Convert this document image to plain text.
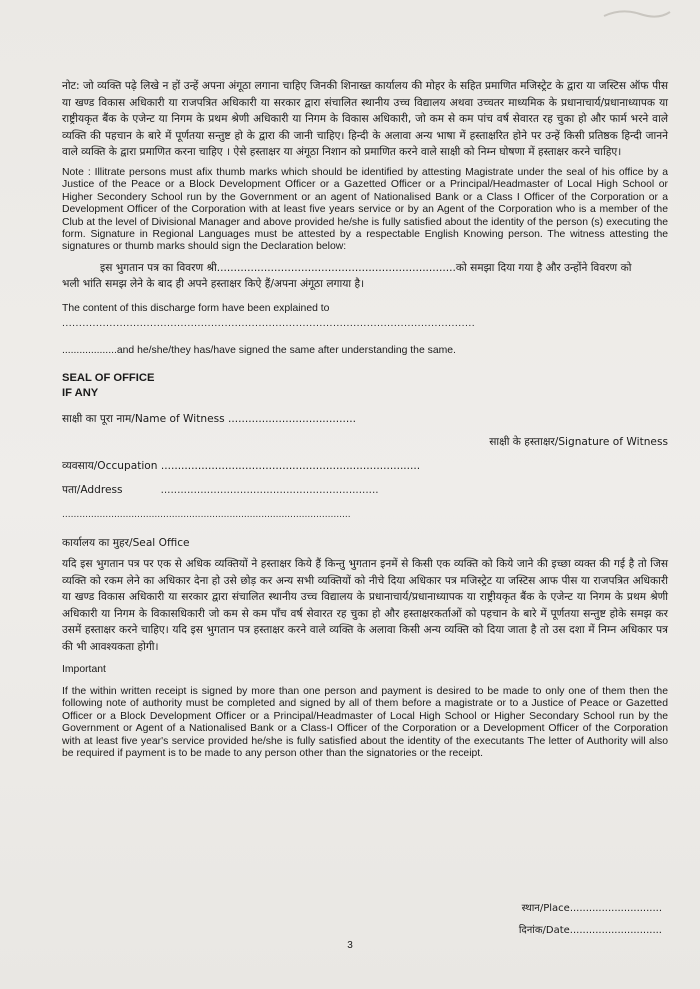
नोट: जो व्यक्ति पढ़े लिखे न हों उन्हें अपना अंगूठा लगाना चाहिए जिनकी शिनाख्त कार्यालय की मोहर के सहित प्रमाणित मजिस्ट्रेट के द्वारा या जस्टिस ऑफ पीस या खण्ड विकास अधिकारी या राजपत्रित अधिकारी या सरकार द्वारा संचालित स्थानीय उच्च विद्यालय अथवा उच्चतर माध्यमिक के प्रधानाचार्य/प्रधानाध्यापक या राष्ट्रीयकृत बैंक के एजेन्ट या निगम के प्रथम श्रेणी अधिकारी या निगम के विकास अधिकारी, जो कम से कम पांच वर्ष सेवारत रह चुका हो और फार्म भरने वाले व्यक्ति की पहचान के बारे में पूर्णतया सन्तुष्ट हो के द्वारा की जानी चाहिए। हिन्दी के अलावा अन्य भाषा में हस्ताक्षरित होने पर उन्हें किसी प्रतिष्ठक हिन्दी जानने वाले व्यक्ति के द्वारा प्रमाणित करना चाहिए । ऐसे हस्ताक्षर या अंगूठा निशान को प्रमाणित करने वाले साक्षी को निम्न घोषणा में हस्ताक्षर करने चाहिए।

Note : Illitrate persons must afix thumb marks which should be identified by attesting Magistrate under the seal of his office by a Justice of the Peace or a Block Development Officer or a Gazetted Officer or a Principal/Headmaster of Local High School or Higher Secondery School run by the Government or an agent of Nationalised Bank or a Class I Officer of the Corporation or a Development Officer of the Corporation with at least five years service or by an Agent of the Corporation who is a member of the Club at the level of Divisional Manager and above provided he/she is fully satisfied about the identity of the person (s) executing the form. Signature in Regional Languages must be attested by a respectable English Knowing person. The witness attesting the signatures or thumb marks should sign the Declaration below:

इस भुगतान पत्र का विवरण श्री.......................................................................को समझा दिया गया है और उन्होंने विवरण को

भली भांति समझ लेने के बाद ही अपने हस्ताक्षर किऐ हैं/अपना अंगूठा लगाया है।

The content of this discharge form have been explained to

..........................................................................................................................

...................and he/she/they has/have signed the same after understanding the same.

SEAL OF OFFICE

IF ANY

साक्षी का पूरा नाम/Name of Witness ......................................

साक्षी के हस्ताक्षर/Signature of Witness

व्यवसाय/Occupation .............................................................................

पता/Address	..................................................................

....................................................................................................

कार्यालय का मुहर/Seal Office

यदि इस भुगतान पत्र पर एक से अधिक व्यक्तियों ने हस्ताक्षर किये हैं किन्तु भुगतान इनमें से किसी एक व्यक्ति को किये जाने की इच्छा व्यक्त की गई है तो जिस व्यक्ति को रकम लेने का अधिकार देना हो उसे छोड़ कर अन्य सभी व्यक्तियों को नीचे दिया अधिकार पत्र मजिस्ट्रेट या जस्टिस आफ पीस या राजपत्रित अधिकारी या खण्ड विकास अधिकारी या सरकार द्वारा संचालित स्थानीय उच्च विद्यालय के प्रधानाचार्य/प्रधानाध्यापक या राष्ट्रीयकृत बैंक के एजेन्ट या निगम के प्रथम श्रेणी अधिकारी या निगम के विकासधिकारी जो कम से कम पाँच वर्ष सेवारत रह चुका हो और हस्ताक्षरकर्ताओं को पहचान के बारे में पूर्णतया सन्तुष्ट होके समझ कर उसमें हस्ताक्षर करने चाहिए। यदि इस भुगतान पत्र हस्ताक्षर करने वाले व्यक्ति के अलावा किसी अन्य व्यक्ति को दिया जाता है तो उस दशा में निम्न अधिकार पत्र की भी आवश्यकता होगी।

Important

If the within written receipt is signed by more than one person and payment is desired to be made to only one of them then the following note of authority must be completed and signed by all of them before a magistrate or to a Justice of Peace or Gazetted Officer or a Block Development Officer or a Principal/Headmaster of Local High School or Higher Secondary School run by the Government or Agent of a Nationalised Bank or a Class-I Officer of the Corporation or a Development Officer of the Corporation with at least five year's service provided he/she is fully satisfied about the identity of the executants The letter of Authority will also be required if payment is to be made to any person other than the signatories or the receipt.

स्थान/Place.............................
दिनांक/Date.............................
3
